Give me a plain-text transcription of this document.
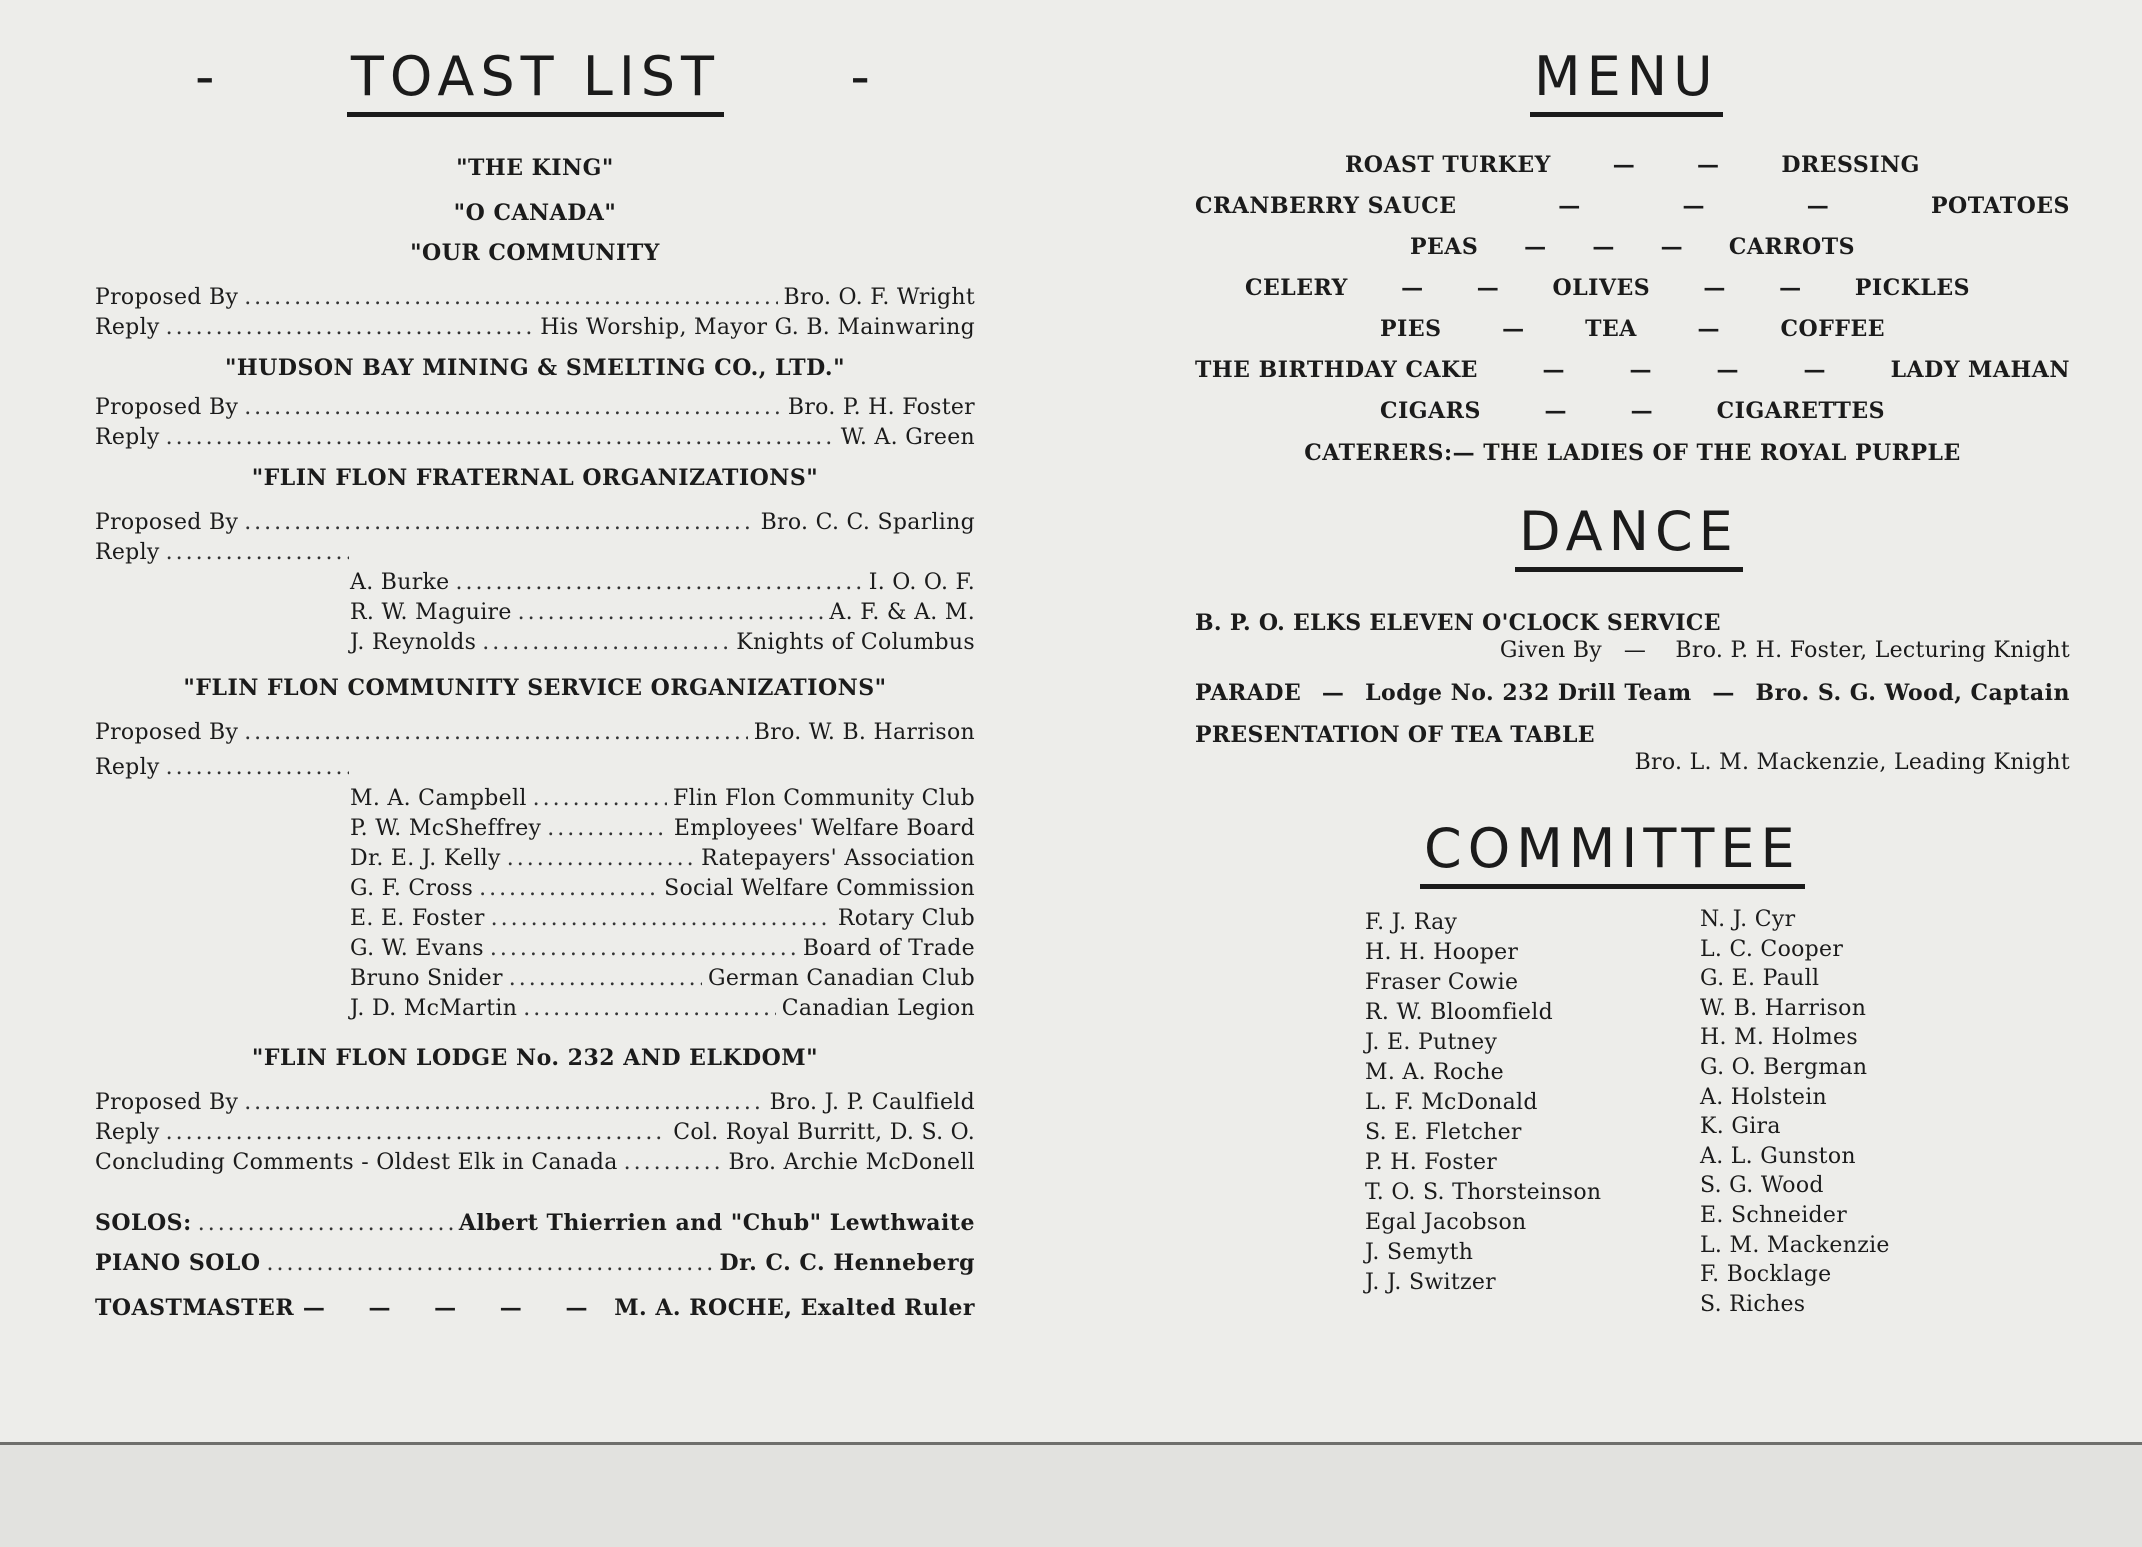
- TOAST LIST -
"THE KING"
"O CANADA"
"OUR COMMUNITY
Proposed By .....	Bro. O. F. Wright
Reply .....	His Worship, Mayor G. B. Mainwaring
"HUDSON BAY MINING & SMELTING CO., LTD."
Proposed By .....	Bro. P. H. Foster
Reply .....	W. A. Green
"FLIN FLON FRATERNAL ORGANIZATIONS"
Proposed By .....	Bro. C. C. Sparling
Reply
.....
A. Burke .....	I. O. O. F.
R. W. Maguire .....	A. F. & A. M.
J. Reynolds .....	Knights of Columbus
"FLIN FLON COMMUNITY SERVICE ORGANIZATIONS"
Proposed By .....	Bro. W. B. Harrison
Reply
.....
M. A. Campbell .....	Flin Flon Community Club
P. W. McSheffrey .....	Employees' Welfare Board
Dr. E. J. Kelly .....	Ratepayers' Association
G. F. Cross .....	Social Welfare Commission
E. E. Foster .....	Rotary Club
G. W. Evans .....	Board of Trade
Bruno Snider .....	German Canadian Club
J. D. McMartin .....	Canadian Legion
"FLIN FLON LODGE No. 232 AND ELKDOM"
Proposed By .....	Bro. J. P. Caulfield
Reply .....	Col. Royal Burritt, D. S. O.
Concluding Comments - Oldest Elk in Canada .....	Bro. Archie McDonell
SOLOS: .....	Albert Thierrien and "Chub" Lewthwaite
PIANO SOLO .....	Dr. C. C. Henneberg
TOASTMASTER — — — — — M. A. ROCHE, Exalted Ruler
MENU
ROAST TURKEY	—	—	DRESSING
CRANBERRY SAUCE	—	—	—	POTATOES
PEAS — — — CARROTS
CELERY — — OLIVES — — PICKLES
PIES	—	TEA	—	COFFEE
THE BIRTHDAY CAKE	—	—	—	—	LADY MAHAN
CIGARS	—	—	CIGARETTES
CATERERS:— THE LADIES OF THE ROYAL PURPLE
DANCE
B. P. O. ELKS ELEVEN O'CLOCK SERVICE
Given By — Bro. P. H. Foster, Lecturing Knight
PARADE — Lodge No. 232 Drill Team — Bro. S. G. Wood, Captain
PRESENTATION OF TEA TABLE
Bro. L. M. Mackenzie, Leading Knight
COMMITTEE
F. J. Ray
H. H. Hooper
Fraser Cowie
R. W. Bloomfield
J. E. Putney
M. A. Roche
L. F. McDonald
S. E. Fletcher
P. H. Foster
T. O. S. Thorsteinson
Egal Jacobson
J. Semyth
J. J. Switzer
N. J. Cyr
L. C. Cooper
G. E. Paull
W. B. Harrison
H. M. Holmes
G. O. Bergman
A. Holstein
K. Gira
A. L. Gunston
S. G. Wood
E. Schneider
L. M. Mackenzie
F. Bocklage
S. Riches
